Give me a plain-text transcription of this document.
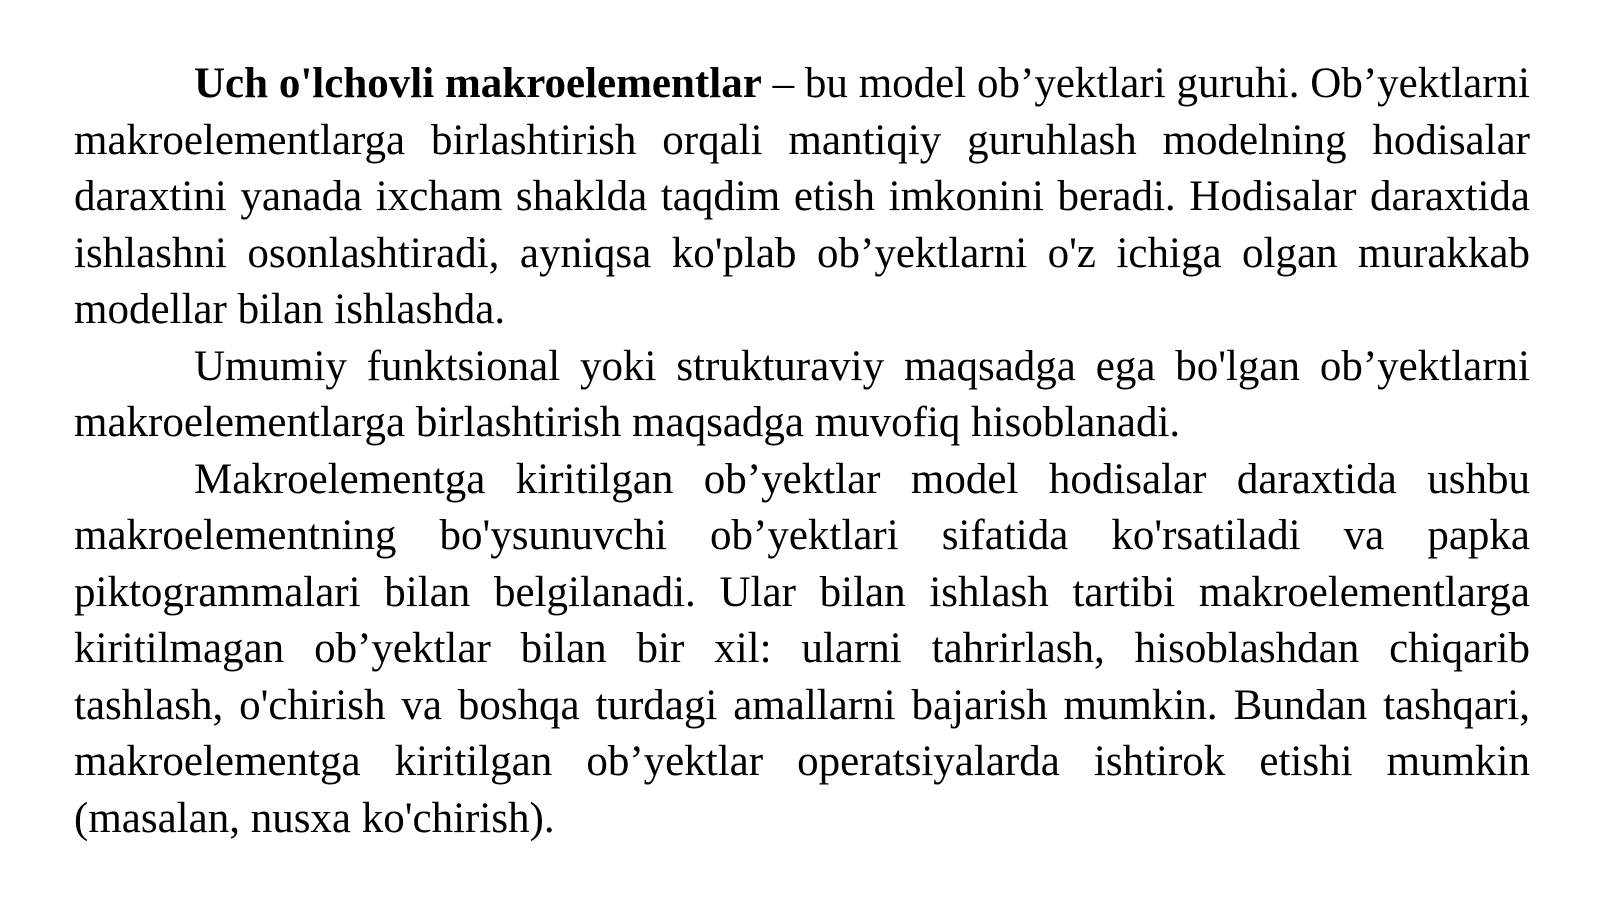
Uch o'lchovli makroelementlar – bu model ob’yektlari guruhi. Ob’yektlarni makroelementlarga birlashtirish orqali mantiqiy guruhlash modelning hodisalar daraxtini yanada ixcham shaklda taqdim etish imkonini beradi. Hodisalar daraxtida ishlashni osonlashtiradi, ayniqsa ko'plab ob’yektlarni o'z ichiga olgan murakkab modellar bilan ishlashda.

Umumiy funktsional yoki strukturaviy maqsadga ega bo'lgan ob’yektlarni makroelementlarga birlashtirish maqsadga muvofiq hisoblanadi.

Makroelementga kiritilgan ob’yektlar model hodisalar daraxtida ushbu makroelementning bo'ysunuvchi ob’yektlari sifatida ko'rsatiladi va papka piktogrammalari bilan belgilanadi. Ular bilan ishlash tartibi makroelementlarga kiritilmagan ob’yektlar bilan bir xil: ularni tahrirlash, hisoblashdan chiqarib tashlash, o'chirish va boshqa turdagi amallarni bajarish mumkin. Bundan tashqari, makroelementga kiritilgan ob’yektlar operatsiyalarda ishtirok etishi mumkin (masalan, nusxa ko'chirish).
